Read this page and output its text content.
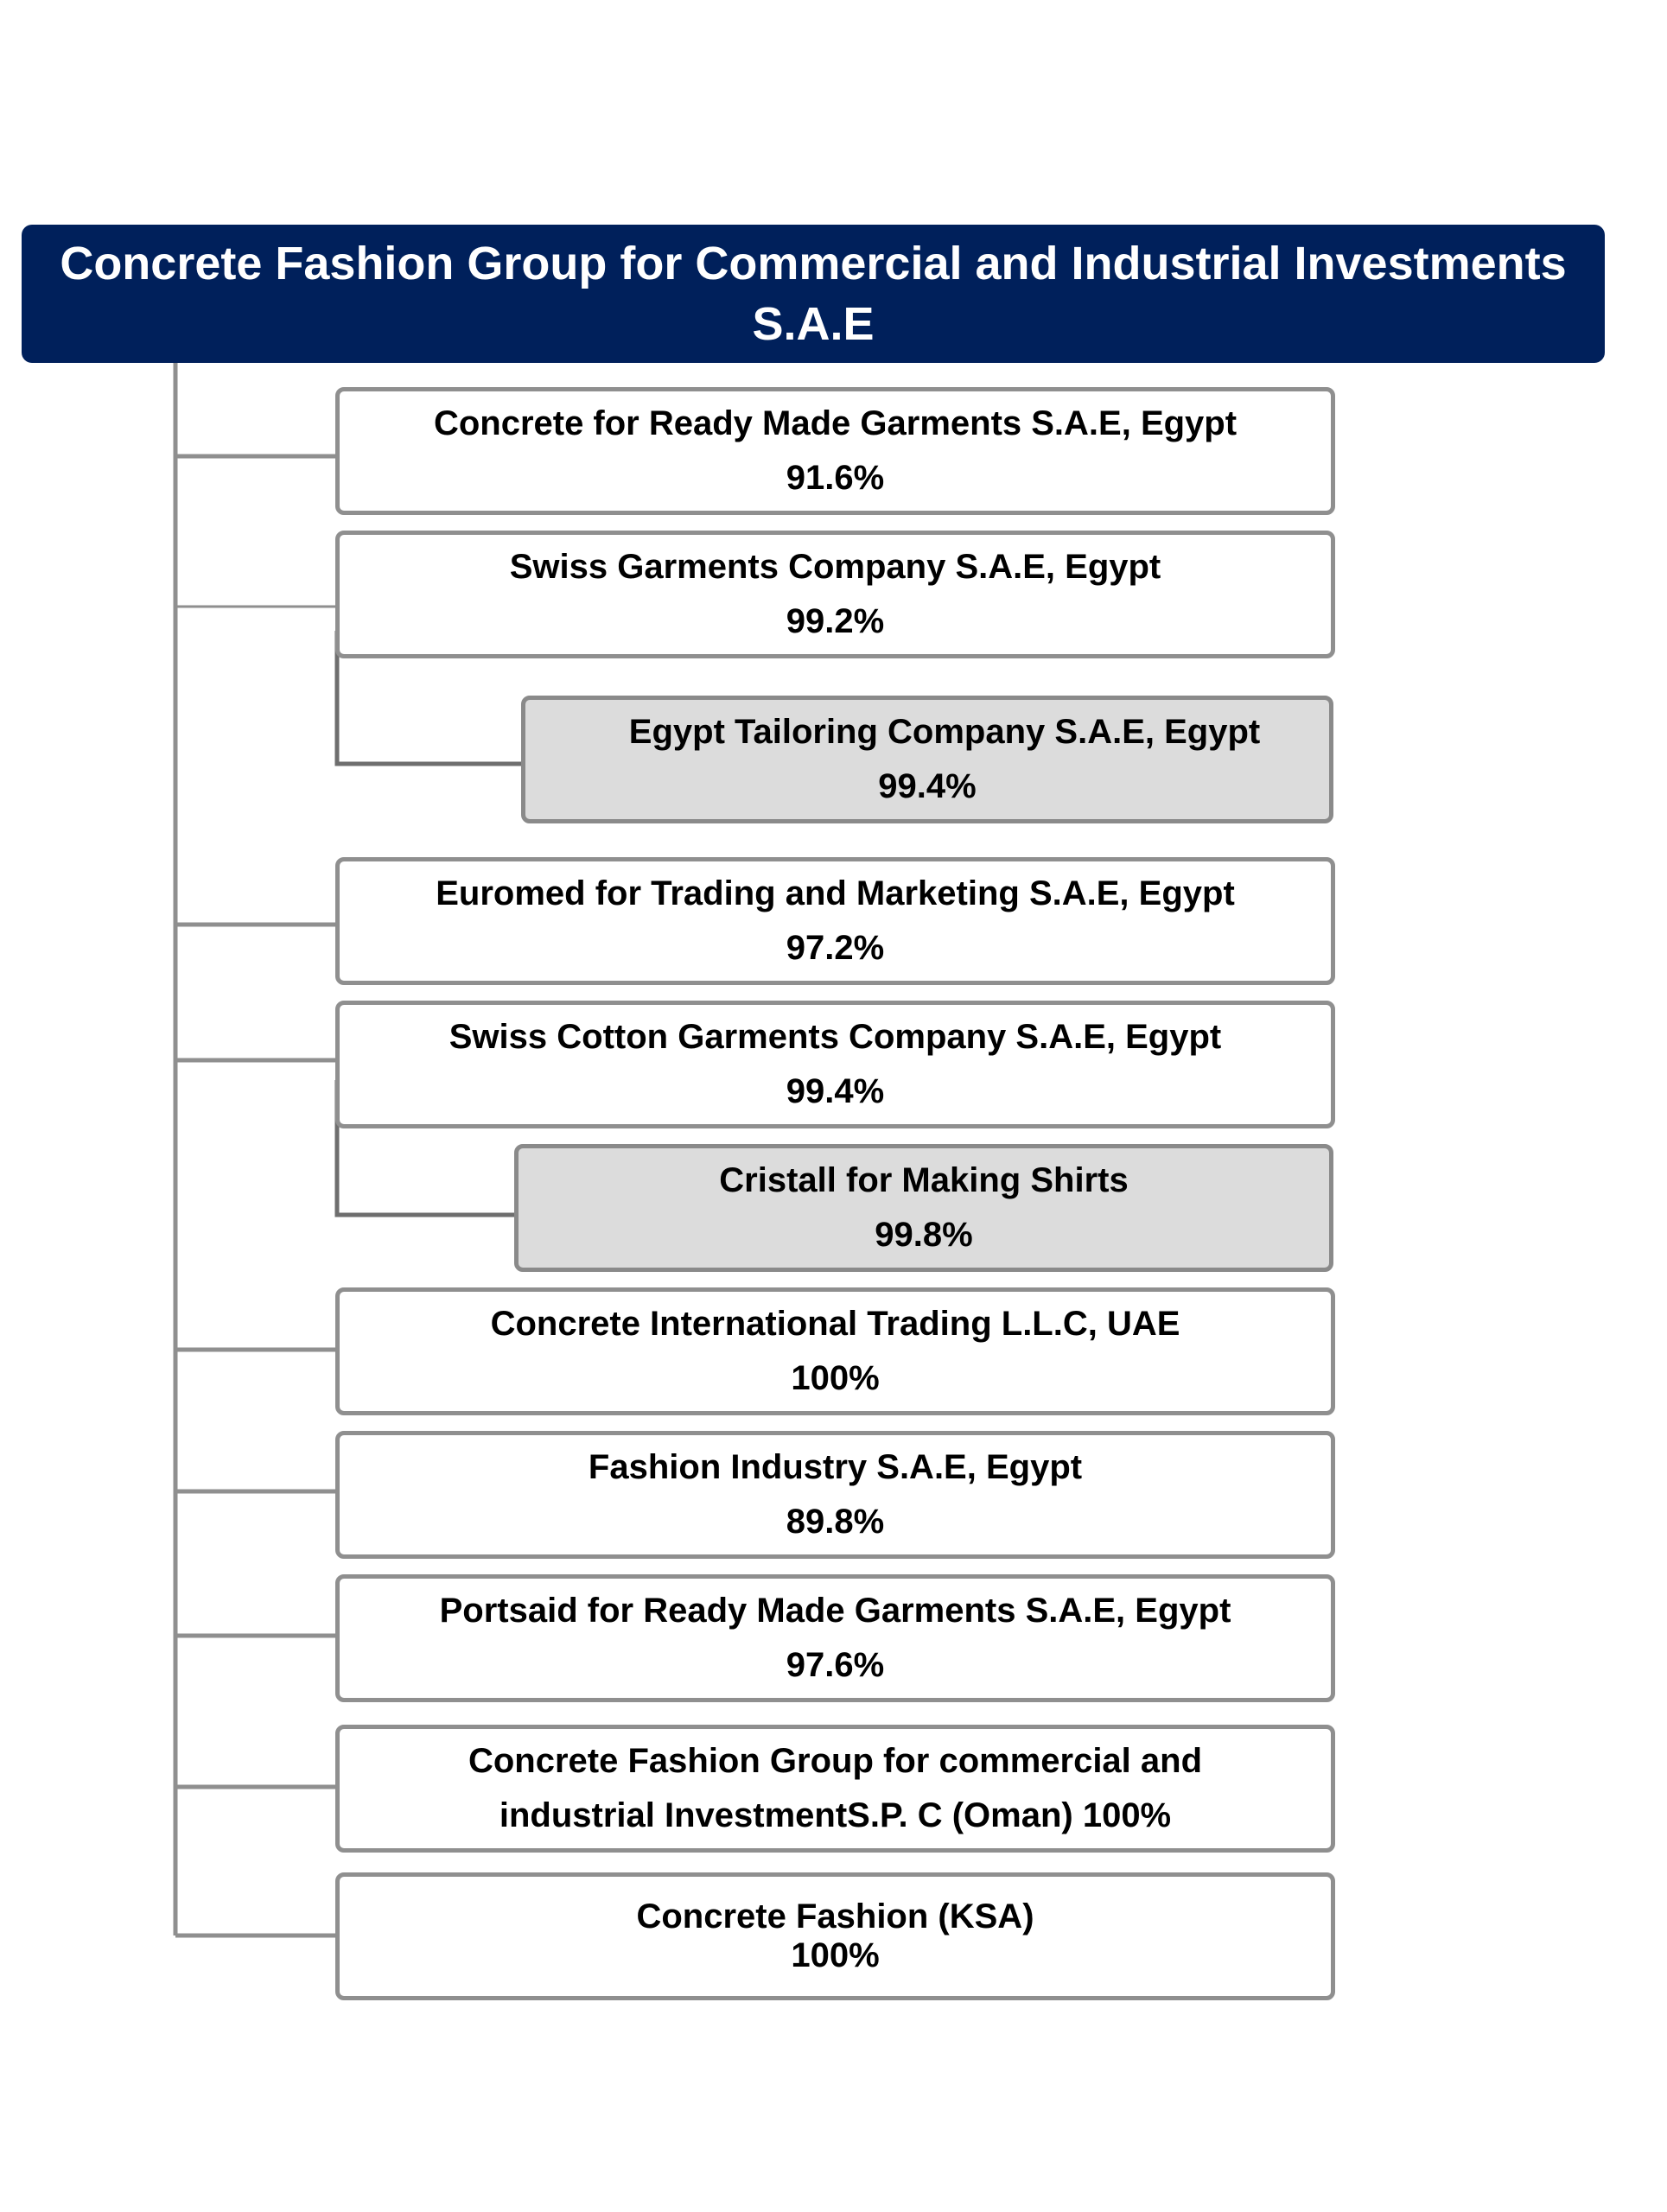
Concrete Fashion Group for Commercial and Industrial Investments
S.A.E
Concrete for Ready Made Garments S.A.E, Egypt
91.6%
Swiss Garments Company S.A.E, Egypt
99.2%
Egypt Tailoring Company S.A.E, Egypt
99.4%
Euromed for Trading and Marketing S.A.E, Egypt
97.2%
Swiss Cotton Garments Company S.A.E, Egypt
99.4%
Cristall for Making Shirts
99.8%
Concrete International Trading L.L.C, UAE
100%
Fashion Industry S.A.E, Egypt
89.8%
Portsaid for Ready Made Garments S.A.E, Egypt
97.6%
Concrete Fashion Group for commercial and
industrial InvestmentS.P. C (Oman) 100%
Concrete Fashion (KSA)
100%
